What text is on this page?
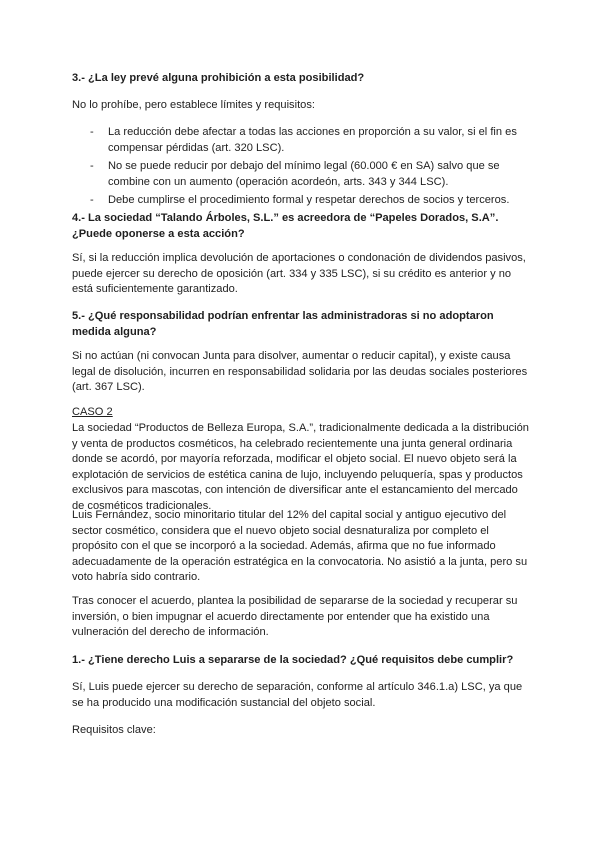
3.- ¿La ley prevé alguna prohibición a esta posibilidad?

No lo prohíbe, pero establece límites y requisitos:

- La reducción debe afectar a todas las acciones en proporción a su valor, si el fin es compensar pérdidas (art. 320 LSC).
- No se puede reducir por debajo del mínimo legal (60.000 € en SA) salvo que se combine con un aumento (operación acordeón, arts. 343 y 344 LSC).
- Debe cumplirse el procedimiento formal y respetar derechos de socios y terceros.

4.- La sociedad “Talando Árboles, S.L.” es acreedora de “Papeles Dorados, S.A”. ¿Puede oponerse a esta acción?

Sí, si la reducción implica devolución de aportaciones o condonación de dividendos pasivos, puede ejercer su derecho de oposición (art. 334 y 335 LSC), si su crédito es anterior y no está suficientemente garantizado.

5.- ¿Qué responsabilidad podrían enfrentar las administradoras si no adoptaron medida alguna?

Si no actúan (ni convocan Junta para disolver, aumentar o reducir capital), y existe causa legal de disolución, incurren en responsabilidad solidaria por las deudas sociales posteriores (art. 367 LSC).

CASO 2

La sociedad “Productos de Belleza Europa, S.A.”, tradicionalmente dedicada a la distribución y venta de productos cosméticos, ha celebrado recientemente una junta general ordinaria donde se acordó, por mayoría reforzada, modificar el objeto social. El nuevo objeto será la explotación de servicios de estética canina de lujo, incluyendo peluquería, spas y productos exclusivos para mascotas, con intención de diversificar ante el estancamiento del mercado de cosméticos tradicionales.

Luis Fernández, socio minoritario titular del 12% del capital social y antiguo ejecutivo del sector cosmético, considera que el nuevo objeto social desnaturaliza por completo el propósito con el que se incorporó a la sociedad. Además, afirma que no fue informado adecuadamente de la operación estratégica en la convocatoria. No asistió a la junta, pero su voto habría sido contrario.

Tras conocer el acuerdo, plantea la posibilidad de separarse de la sociedad y recuperar su inversión, o bien impugnar el acuerdo directamente por entender que ha existido una vulneración del derecho de información.

1.- ¿Tiene derecho Luis a separarse de la sociedad? ¿Qué requisitos debe cumplir?

Sí, Luis puede ejercer su derecho de separación, conforme al artículo 346.1.a) LSC, ya que se ha producido una modificación sustancial del objeto social.

Requisitos clave:
